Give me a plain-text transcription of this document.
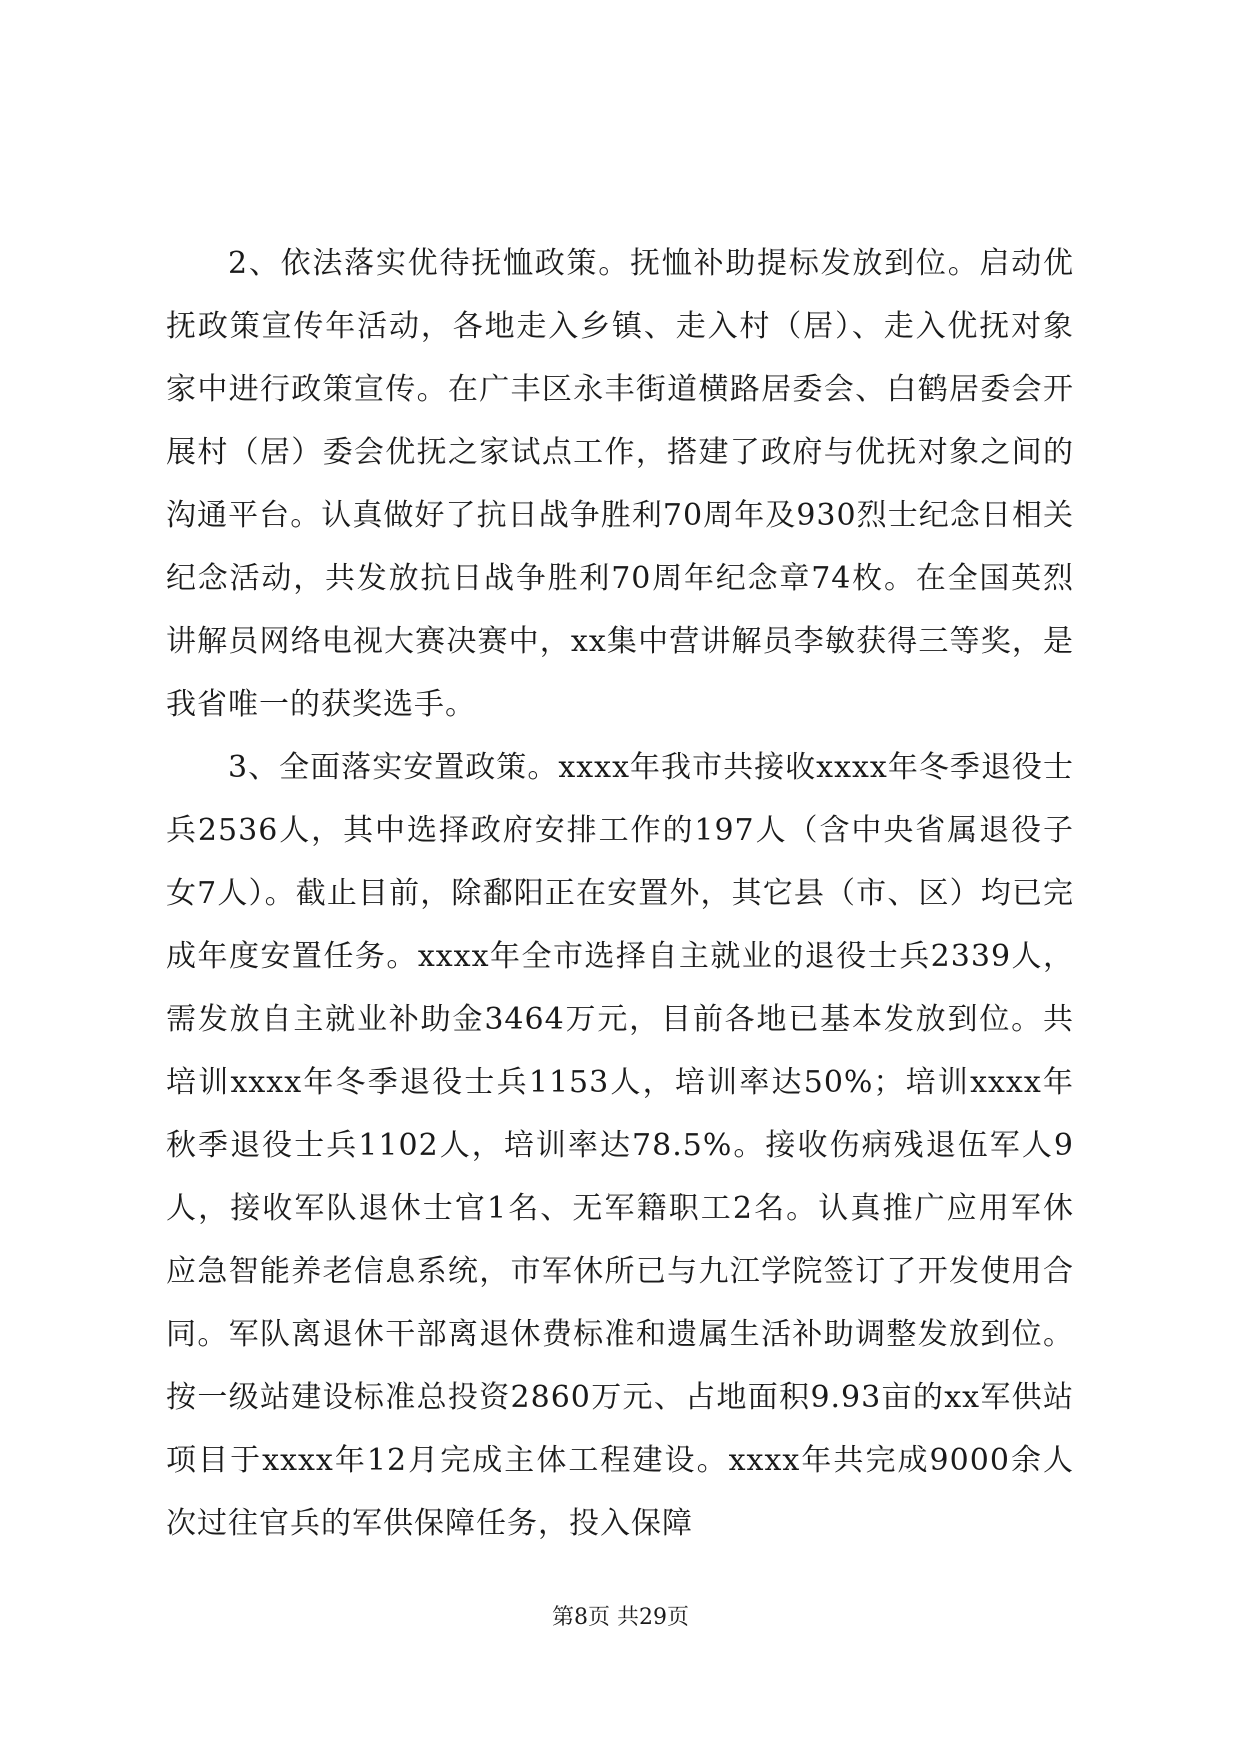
2、依法落实优待抚恤政策。抚恤补助提标发放到位。启动优抚政策宣传年活动，各地走入乡镇、走入村（居）、走入优抚对象家中进行政策宣传。在广丰区永丰街道横路居委会、白鹤居委会开展村（居）委会优抚之家试点工作，搭建了政府与优抚对象之间的沟通平台。认真做好了抗日战争胜利70周年及930烈士纪念日相关纪念活动，共发放抗日战争胜利70周年纪念章74枚。在全国英烈讲解员网络电视大赛决赛中，xx集中营讲解员李敏获得三等奖，是我省唯一的获奖选手。

3、全面落实安置政策。xxxx年我市共接收xxxx年冬季退役士兵2536人，其中选择政府安排工作的197人（含中央省属退役子女7人）。截止目前，除鄱阳正在安置外，其它县（市、区）均已完成年度安置任务。xxxx年全市选择自主就业的退役士兵2339人，需发放自主就业补助金3464万元，目前各地已基本发放到位。共培训xxxx年冬季退役士兵1153人，培训率达50%；培训xxxx年秋季退役士兵1102人，培训率达78.5%。接收伤病残退伍军人9人，接收军队退休士官1名、无军籍职工2名。认真推广应用军休应急智能养老信息系统，市军休所已与九江学院签订了开发使用合同。军队离退休干部离退休费标准和遗属生活补助调整发放到位。按一级站建设标准总投资2860万元、占地面积9.93亩的xx军供站项目于xxxx年12月完成主体工程建设。xxxx年共完成9000余人次过往官兵的军供保障任务，投入保障

第8页 共29页
